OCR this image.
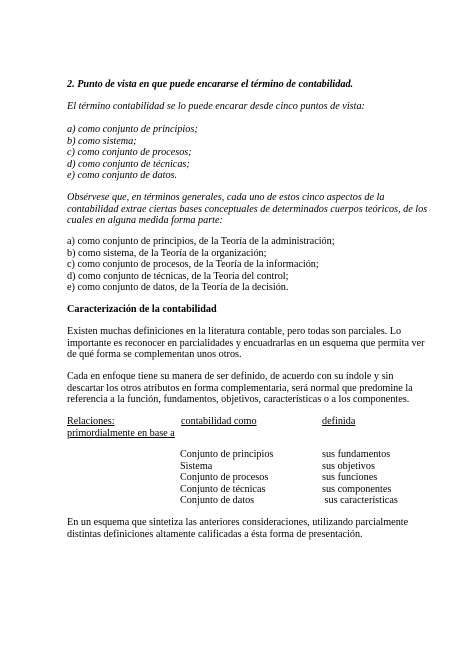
2. Punto de vista en que puede encararse el término de contabilidad.
El término contabilidad se lo puede encarar desde cinco puntos de vista:
a) como conjunto de principios;
b) como sistema;
c) como conjunto de procesos;
d) como conjunto de técnicas;
e) como conjunto de datos.
Obsérvese que, en términos generales, cada uno de estos cinco aspectos de la
contabilidad extrae ciertas bases conceptuales de determinados cuerpos teóricos, de los
cuales en alguna medida forma parte:
a) como conjunto de principios, de la Teoría de la administración;
b) como sistema, de la Teoría de la organización;
c) como conjunto de procesos, de la Teoría de la información;
d) como conjunto de técnicas, de la Teoría del control;
e) como conjunto de datos, de la Teoría de la decisión.
Caracterización de la contabilidad
Existen muchas definiciones en la literatura contable, pero todas son parciales. Lo
importante es reconocer en parcialidades y encuadrarlas en un esquema que permita ver
de qué forma se complementan unos otros.
Cada en enfoque tiene su manera de ser definido, de acuerdo con su índole y sin
descartar los otros atributos en forma complementaria, será normal que predomine la
referencia a la función, fundamentos, objetivos, características o a los componentes.
Relaciones:
primordialmente en base a
contabilidad como	definida
Conjunto de principios	sus fundamentos
Sistema	sus objetivos
Conjunto de procesos	sus funciones
Conjunto de técnicas	sus componentes
Conjunto de datos	sus características
En un esquema que sintetiza las anteriores consideraciones, utilizando parcialmente
distintas definiciones altamente calificadas a ésta forma de presentación.
